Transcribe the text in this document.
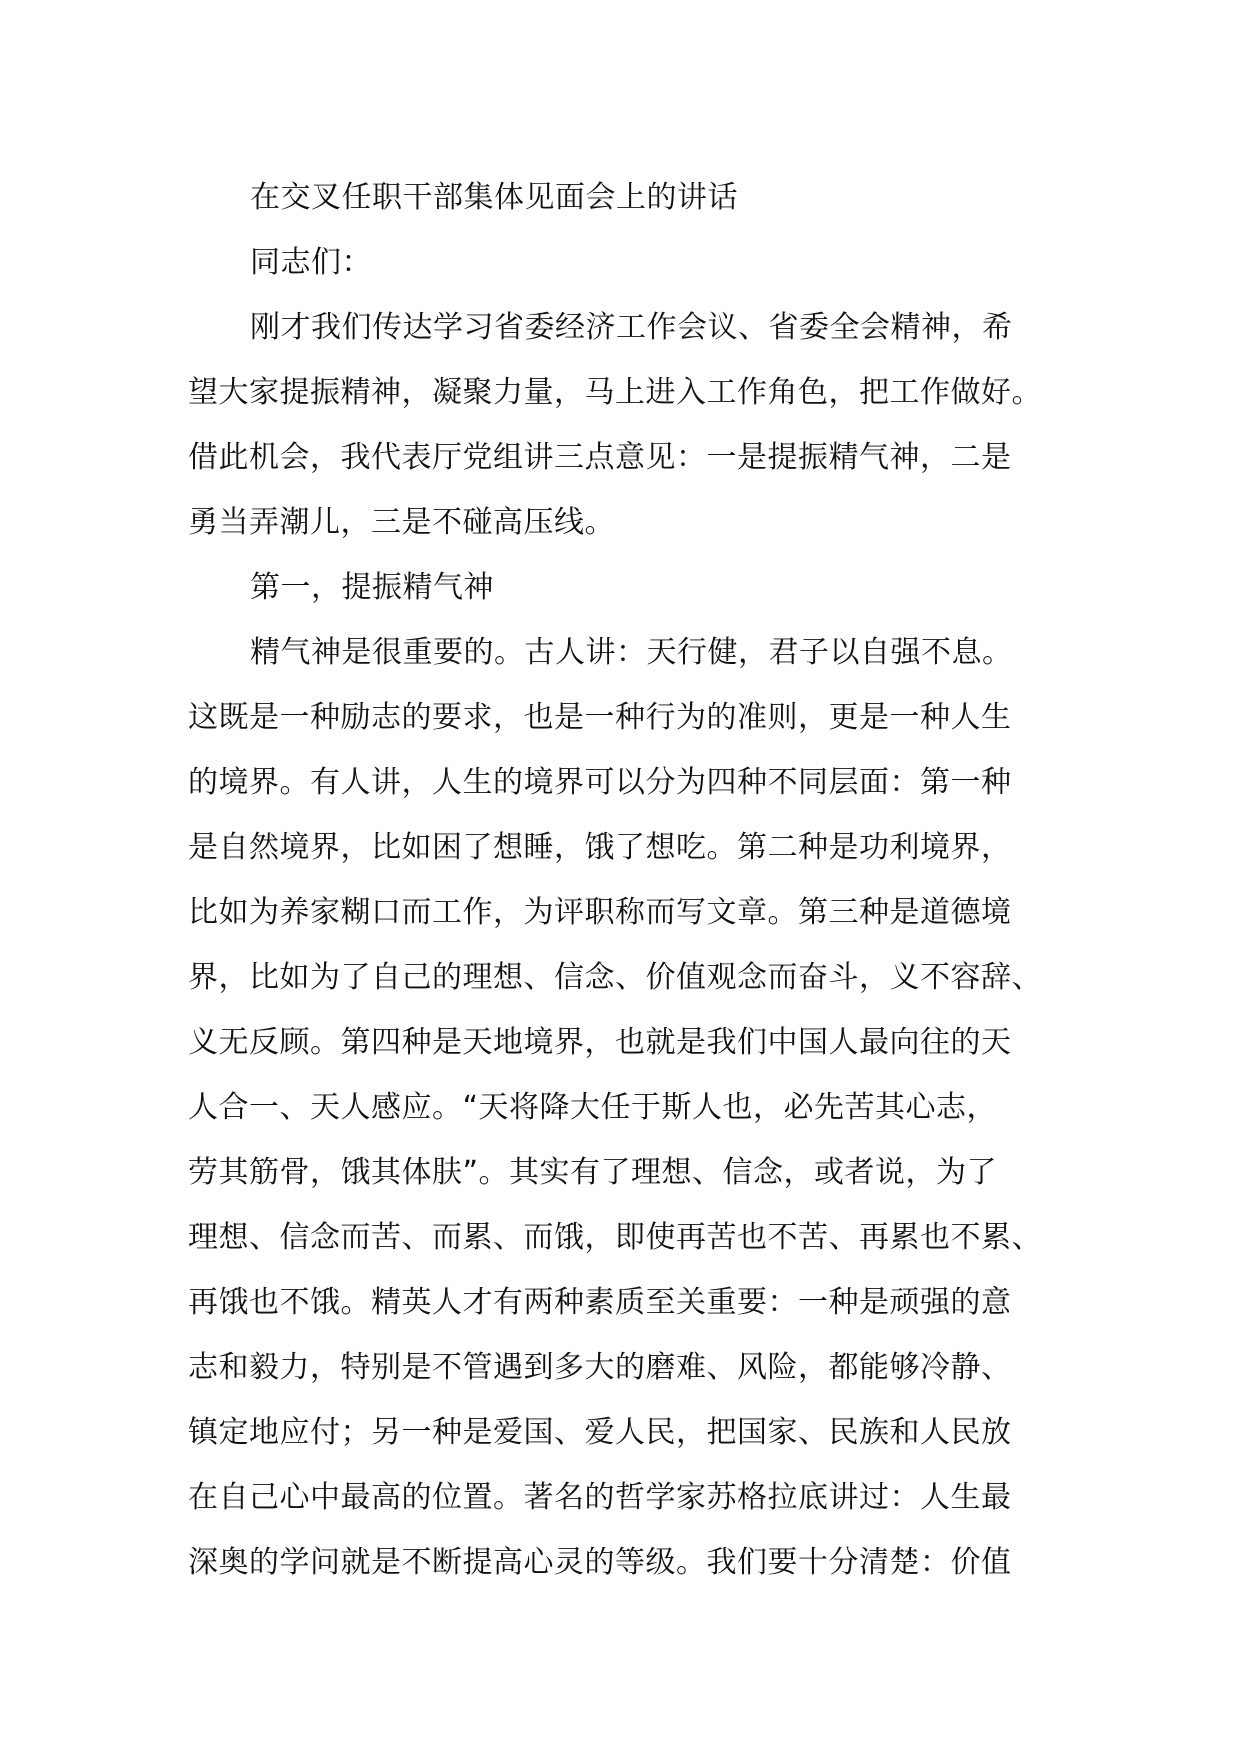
在交叉任职干部集体见面会上的讲话
同志们：
刚才我们传达学习省委经济工作会议、省委全会精神，希
望大家提振精神，凝聚力量，马上进入工作角色，把工作做好。
借此机会，我代表厅党组讲三点意见：一是提振精气神，二是
勇当弄潮儿，三是不碰高压线。
第一，提振精气神
精气神是很重要的。古人讲：天行健，君子以自强不息。
这既是一种励志的要求，也是一种行为的准则，更是一种人生
的境界。有人讲，人生的境界可以分为四种不同层面：第一种
是自然境界，比如困了想睡，饿了想吃。第二种是功利境界，
比如为养家糊口而工作，为评职称而写文章。第三种是道德境
界，比如为了自己的理想、信念、价值观念而奋斗，义不容辞、
义无反顾。第四种是天地境界，也就是我们中国人最向往的天
人合一、天人感应。“天将降大任于斯人也，必先苦其心志，
劳其筋骨，饿其体肤”。其实有了理想、信念，或者说，为了
理想、信念而苦、而累、而饿，即使再苦也不苦、再累也不累、
再饿也不饿。精英人才有两种素质至关重要：一种是顽强的意
志和毅力，特别是不管遇到多大的磨难、风险，都能够冷静、
镇定地应付；另一种是爱国、爱人民，把国家、民族和人民放
在自己心中最高的位置。著名的哲学家苏格拉底讲过：人生最
深奥的学问就是不断提高心灵的等级。我们要十分清楚：价值
